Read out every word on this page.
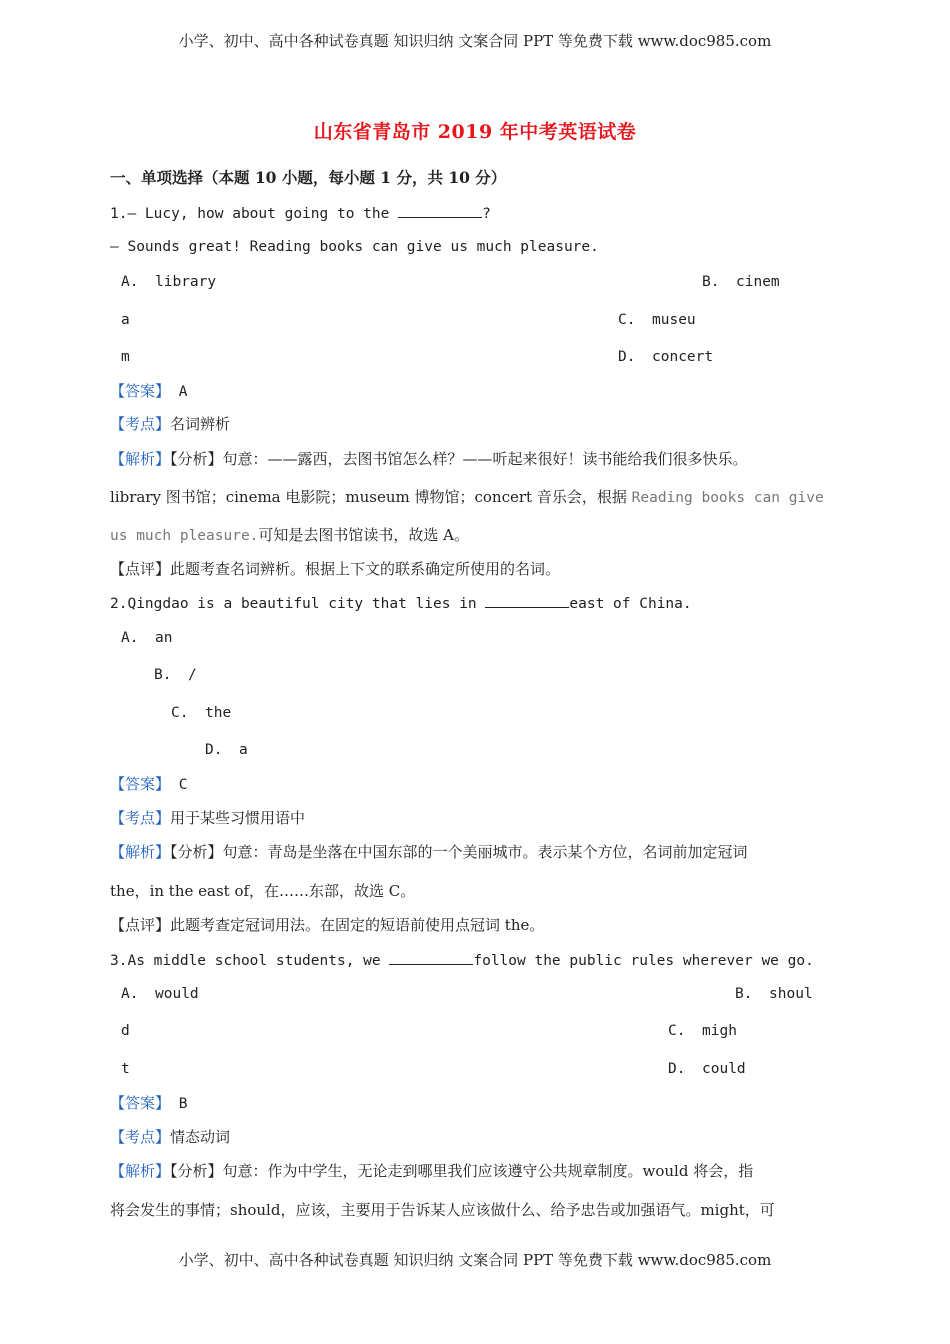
小学、初中、高中各种试卷真题 知识归纳 文案合同 PPT 等免费下载 www.doc985.com
山东省青岛市 2019 年中考英语试卷
一、单项选择（本题 10 小题，每小题 1 分，共 10 分）
1.— Lucy, how about going to the	?
— Sounds great! Reading books can give us much pleasure.
A. library	B. cinem
a	C. museu
m	D. concert
【答案】 A
【考点】名词辨析
【解析】【分析】句意：——露西，去图书馆怎么样？——听起来很好！读书能给我们很多快乐。
library 图书馆；cinema 电影院；museum 博物馆；concert 音乐会，根据 Reading books can give
us much pleasure.可知是去图书馆读书，故选 A。
【点评】此题考查名词辨析。根据上下文的联系确定所使用的名词。
2.Qingdao is a beautiful city that lies in	east of China.
A. an
B. /
C. the
D. a
【答案】 C
【考点】用于某些习惯用语中
【解析】【分析】句意：青岛是坐落在中国东部的一个美丽城市。表示某个方位，名词前加定冠词
the，in the east of，在……东部，故选 C。
【点评】此题考查定冠词用法。在固定的短语前使用点冠词 the。
3.As middle school students, we	follow the public rules wherever we go.
A. would	B. shoul
d	C. migh
t	D. could
【答案】 B
【考点】情态动词
【解析】【分析】句意：作为中学生，无论走到哪里我们应该遵守公共规章制度。would 将会，指
将会发生的事情；should，应该，主要用于告诉某人应该做什么、给予忠告或加强语气。might，可
小学、初中、高中各种试卷真题 知识归纳 文案合同 PPT 等免费下载 www.doc985.com
